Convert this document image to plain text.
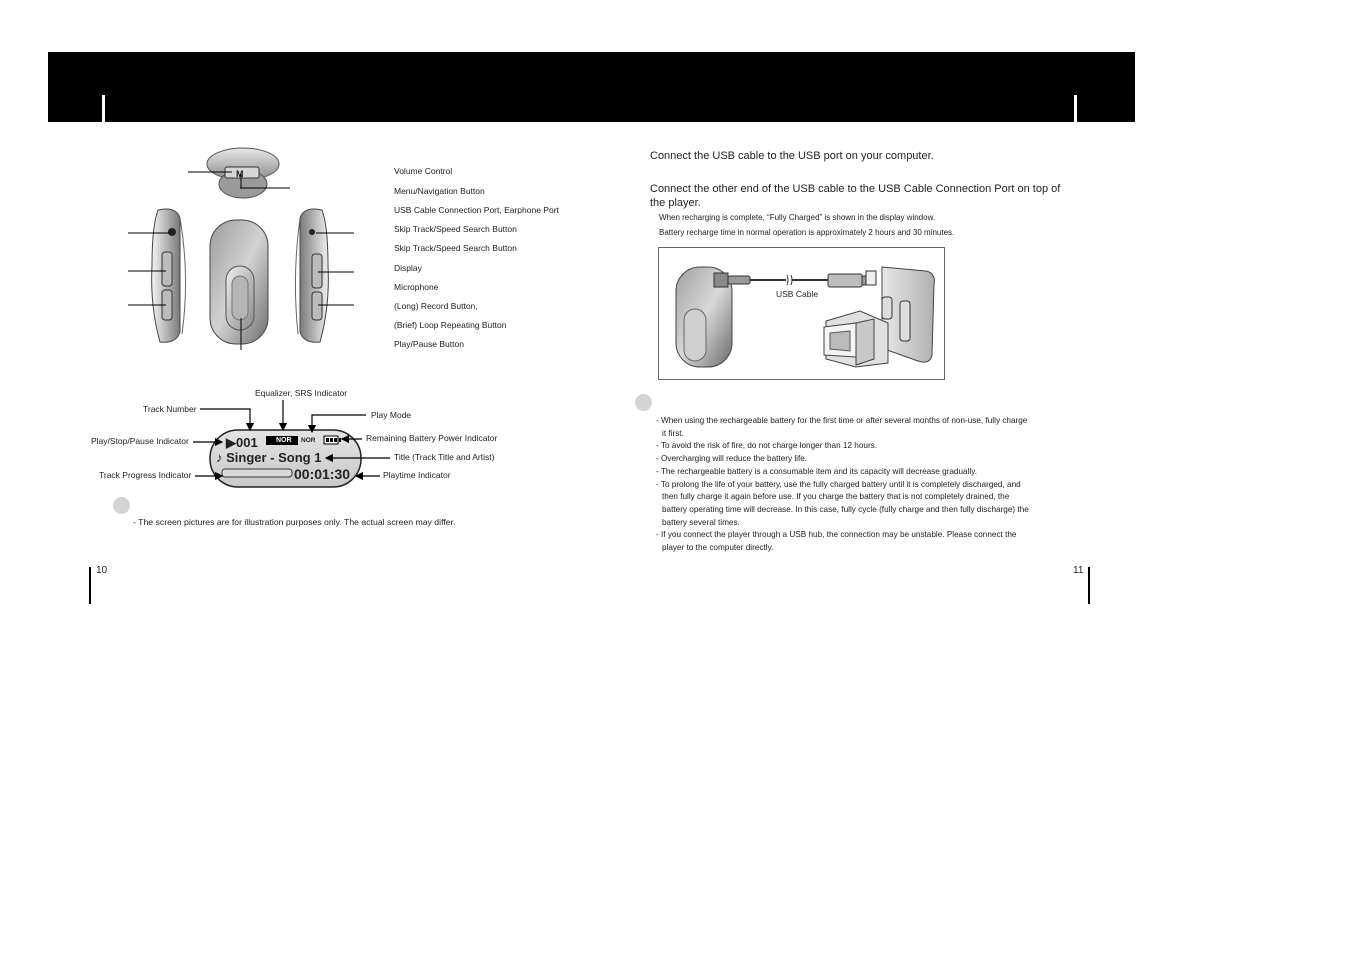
M	Volume Control
Menu/Navigation Button
USB Cable Connection Port, Earphone Port
Skip Track/Speed Search Button
Skip Track/Speed Search Button
Display
Microphone
(Long) Record Button,
(Brief) Loop Repeating Button
Play/Pause Button
▶001	NOR NOR
♪ Singer - Song 1
00:01:30
Equalizer, SRS Indicator
Track Number
Play Mode
Play/Stop/Pause Indicator	Remaining Battery Power Indicator
Title (Track Title and Artist)
Track Progress Indicator	Playtime Indicator
- The screen pictures are for illustration purposes only. The actual screen may differ.
10
Connect the USB cable to the USB port on your computer.
Connect the other end of the USB cable to the USB Cable Connection Port on top of the player.
When recharging is complete, “Fully Charged” is shown in the display window.
Battery recharge time in normal operation is approximately 2 hours and 30 minutes.
USB Cable
- When using the rechargeable battery for the first time or after several months of non-use, fully charge
it first.
- To avoid the risk of fire, do not charge longer than 12 hours.
- Overcharging will reduce the battery life.
- The rechargeable battery is a consumable item and its capacity will decrease gradually.
- To prolong the life of your battery, use the fully charged battery until it is completely discharged, and
then fully charge it again before use. If you charge the battery that is not completely drained, the
battery operating time will decrease. In this case, fully cycle (fully charge and then fully discharge) the
battery several times.
- If you connect the player through a USB hub, the connection may be unstable. Please connect the
player to the computer directly.
11
